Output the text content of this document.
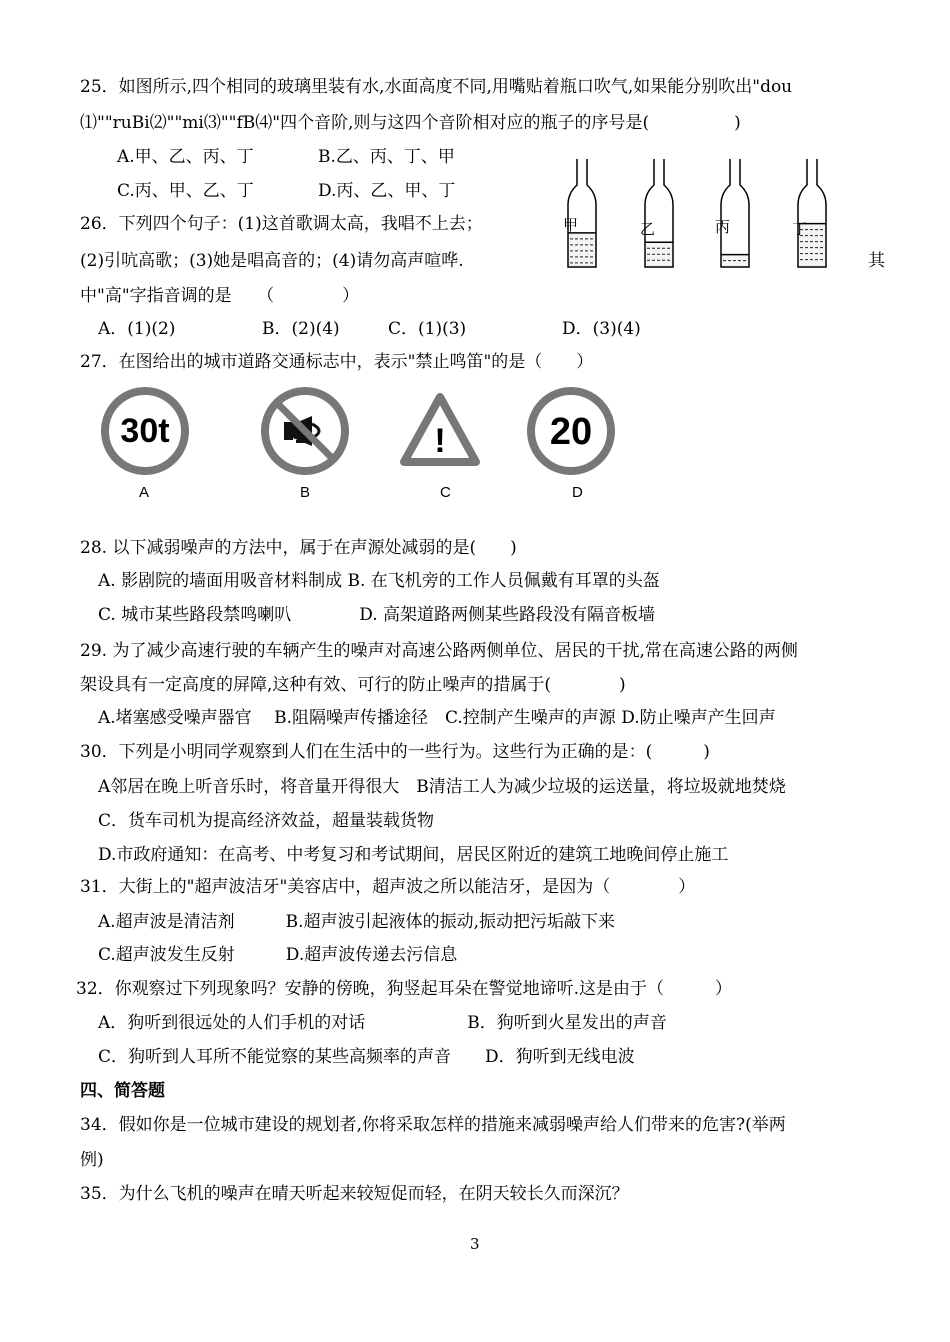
25．如图所示,四个相同的玻璃里装有水,水面高度不同,用嘴贴着瓶口吹气,如果能分别吹出"dou
⑴""ruBi⑵""mi⑶""fB⑷"四个音阶,则与这四个音阶相对应的瓶子的序号是(　　　　　)
A.甲、乙、丙、丁	B.乙、丙、丁、甲
C.丙、甲、乙、丁	D.丙、乙、甲、丁
甲	乙	丙	丁
26．下列四个句子：(1)这首歌调太高，我唱不上去；
(2)引吭高歌；(3)她是唱高音的；(4)请勿高声喧哗.	其
中"高"字指音调的是　　（　　　　）
A．(1)(2)	B．(2)(4)	C．(1)(3)	D．(3)(4)
27．在图给出的城市道路交通标志中，表示"禁止鸣笛"的是（　　）
30t	!	20
A	B	C	D
28. 以下减弱噪声的方法中，属于在声源处减弱的是(　　)
A. 影剧院的墙面用吸音材料制成 B. 在飞机旁的工作人员佩戴有耳罩的头盔
C. 城市某些路段禁鸣喇叭　　　　D. 高架道路两侧某些路段没有隔音板墙
29. 为了减少高速行驶的车辆产生的噪声对高速公路两侧单位、居民的干扰,常在高速公路的两侧
架设具有一定高度的屏障,这种有效、可行的防止噪声的措属于(　　　　)
A.堵塞感受噪声器官　 B.阻隔噪声传播途径　C.控制产生噪声的声源 D.防止噪声产生回声
30．下列是小明同学观察到人们在生活中的一些行为。这些行为正确的是：(　　　)
A邻居在晚上听音乐时，将音量开得很大　B清洁工人为减少垃圾的运送量，将垃圾就地焚烧
C．货车司机为提高经济效益，超量装载货物
D.市政府通知：在高考、中考复习和考试期间，居民区附近的建筑工地晚间停止施工
31．大街上的"超声波洁牙"美容店中，超声波之所以能洁牙，是因为（　　　　）
A.超声波是清洁剂　　　B.超声波引起液体的振动,振动把污垢敲下来
C.超声波发生反射　　　D.超声波传递去污信息
32．你观察过下列现象吗？安静的傍晚，狗竖起耳朵在警觉地谛听.这是由于（　　　）
A．狗听到很远处的人们手机的对话　　　　　　B．狗听到火星发出的声音
C．狗听到人耳所不能觉察的某些高频率的声音　　D．狗听到无线电波
四、简答题
34．假如你是一位城市建设的规划者,你将采取怎样的措施来减弱噪声给人们带来的危害?(举两
例)
35．为什么飞机的噪声在晴天听起来较短促而轻，在阴天较长久而深沉？
3
